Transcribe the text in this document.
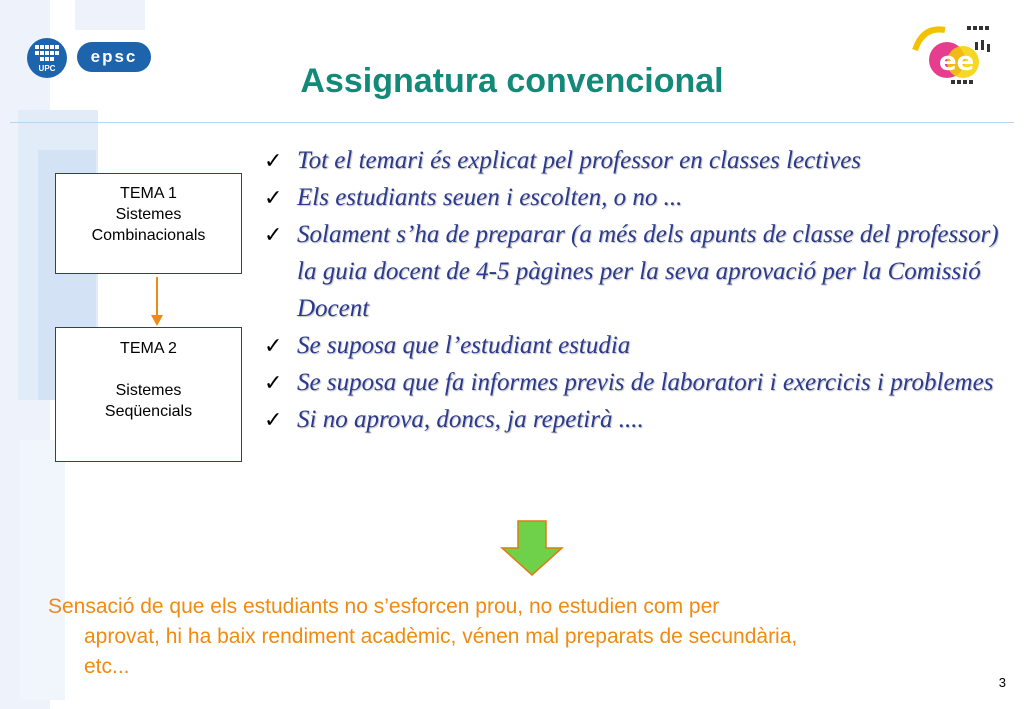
UPC
epsc	ee
Assignatura convencional
TEMA 1
Sistemes
Combinacionals
TEMA 2
Sistemes
Seqüencials
✓ Tot el temari és explicat pel professor en classes lectives
✓ Els estudiants seuen i escolten, o no ...
✓ Solament s’ha de preparar (a més dels apunts de classe del professor) la guia docent de 4-5 pàgines per la seva aprovació per la Comissió Docent
✓ Se suposa que l’estudiant estudia
✓ Se suposa que fa informes previs de laboratori i exercicis i problemes
✓ Si no aprova, doncs, ja repetirà ....
Sensació de que els estudiants no s’esforcen prou, no estudien com per
aprovat, hi ha baix rendiment acadèmic, vénen mal preparats de secundària,
etc...
3
